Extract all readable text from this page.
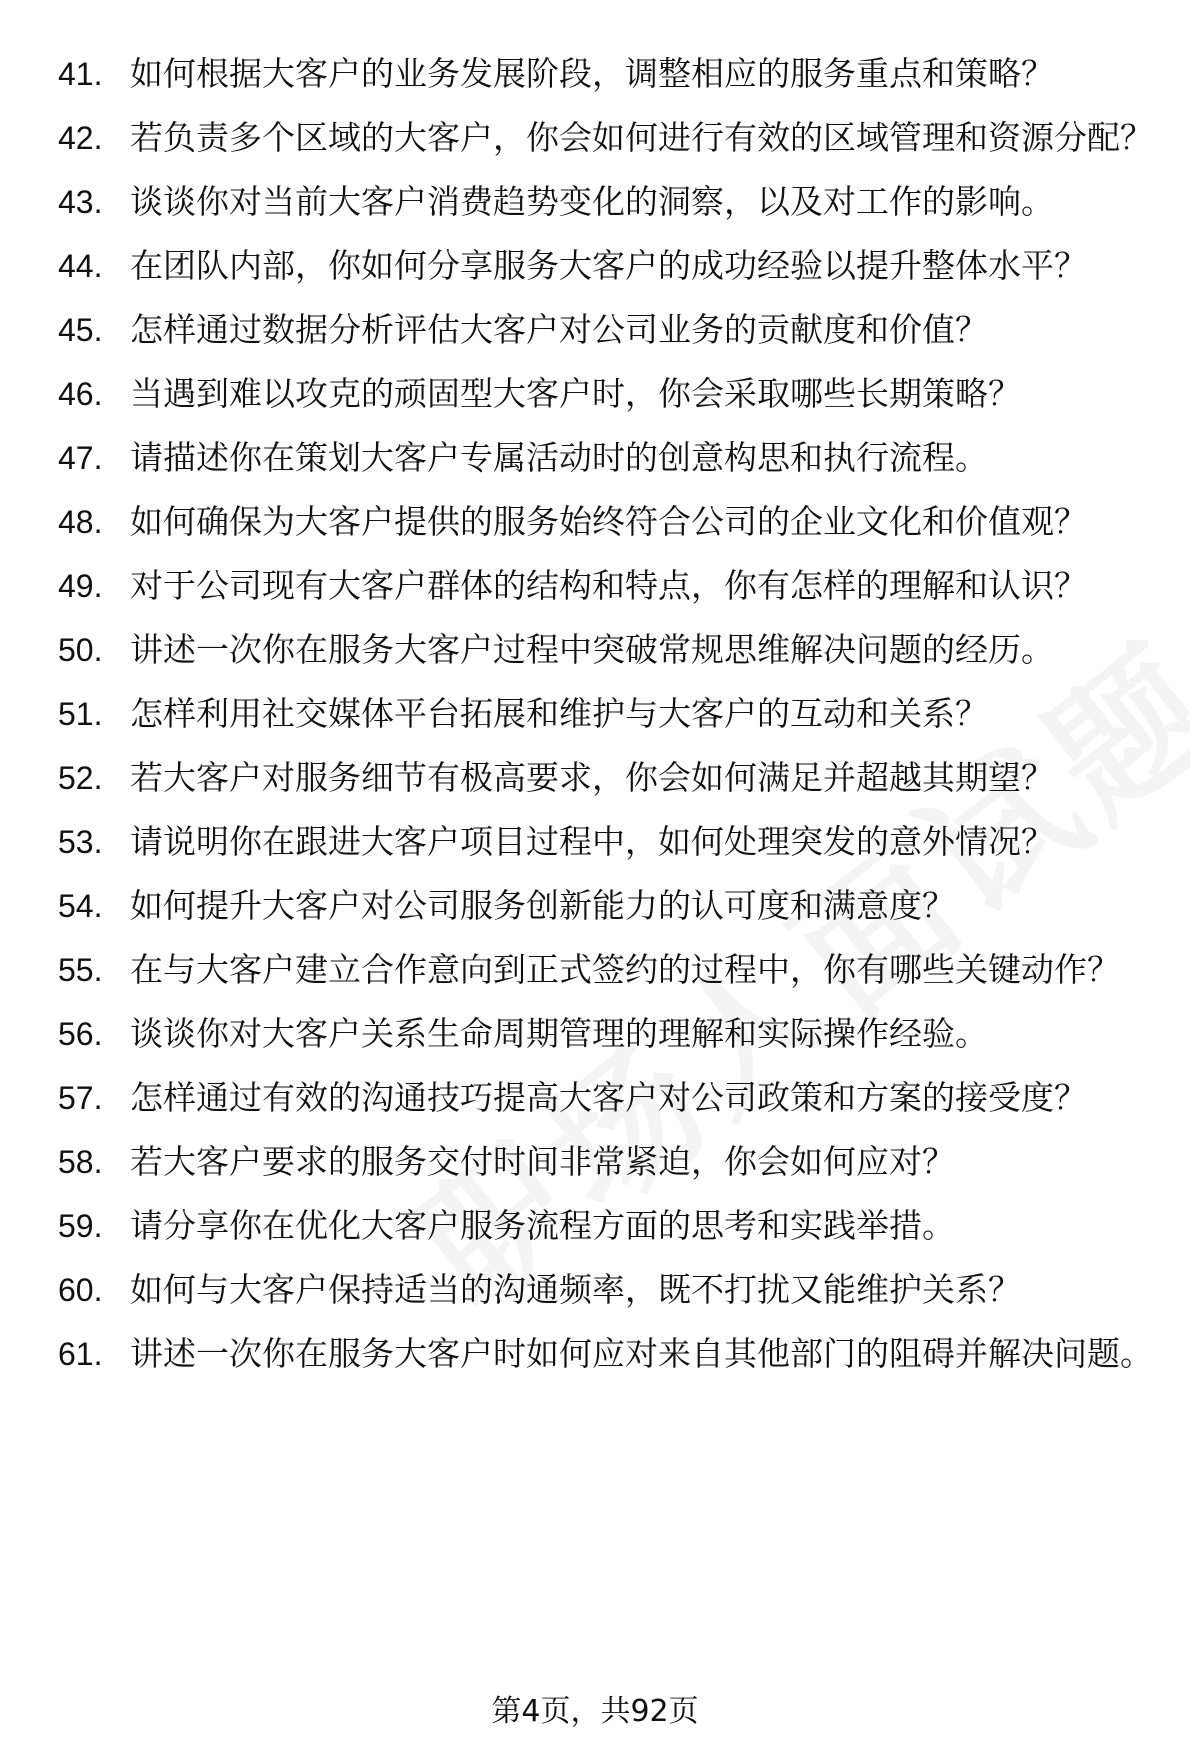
41. 如何根据大客户的业务发展阶段，调整相应的服务重点和策略？
42. 若负责多个区域的大客户，你会如何进行有效的区域管理和资源分配？
43. 谈谈你对当前大客户消费趋势变化的洞察，以及对工作的影响。
44. 在团队内部，你如何分享服务大客户的成功经验以提升整体水平？
45. 怎样通过数据分析评估大客户对公司业务的贡献度和价值？
46. 当遇到难以攻克的顽固型大客户时，你会采取哪些长期策略？
47. 请描述你在策划大客户专属活动时的创意构思和执行流程。
48. 如何确保为大客户提供的服务始终符合公司的企业文化和价值观？
49. 对于公司现有大客户群体的结构和特点，你有怎样的理解和认识？
50. 讲述一次你在服务大客户过程中突破常规思维解决问题的经历。
51. 怎样利用社交媒体平台拓展和维护与大客户的互动和关系？
52. 若大客户对服务细节有极高要求，你会如何满足并超越其期望？
53. 请说明你在跟进大客户项目过程中，如何处理突发的意外情况？
54. 如何提升大客户对公司服务创新能力的认可度和满意度？
55. 在与大客户建立合作意向到正式签约的过程中，你有哪些关键动作？
56. 谈谈你对大客户关系生命周期管理的理解和实际操作经验。
57. 怎样通过有效的沟通技巧提高大客户对公司政策和方案的接受度？
58. 若大客户要求的服务交付时间非常紧迫，你会如何应对？
59. 请分享你在优化大客户服务流程方面的思考和实践举措。
60. 如何与大客户保持适当的沟通频率，既不打扰又能维护关系？
61. 讲述一次你在服务大客户时如何应对来自其他部门的阻碍并解决问题。
第4页，共92页
